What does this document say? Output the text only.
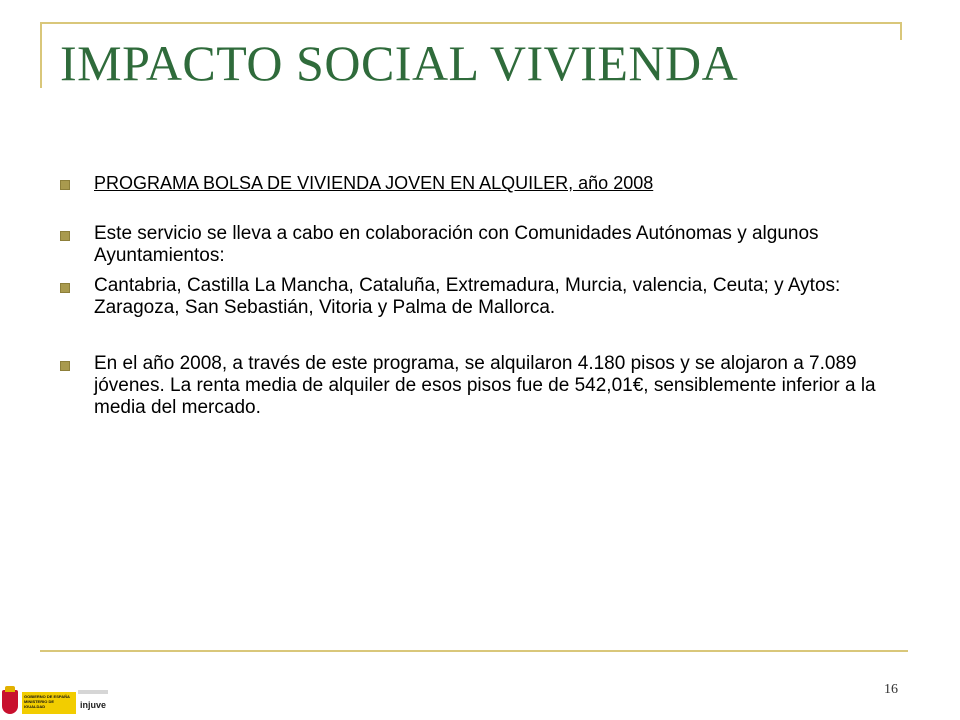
IMPACTO SOCIAL VIVIENDA
PROGRAMA BOLSA DE VIVIENDA JOVEN EN ALQUILER, año 2008
Este servicio se lleva a cabo en colaboración con Comunidades Autónomas y algunos Ayuntamientos:
Cantabria, Castilla La Mancha, Cataluña, Extremadura, Murcia, valencia, Ceuta; y Aytos: Zaragoza, San Sebastián, Vitoria y Palma de Mallorca.
En el año 2008, a través de este programa, se alquilaron 4.180 pisos y se alojaron a 7.089 jóvenes. La renta media de alquiler de esos pisos fue de 542,01€, sensiblemente inferior a la media del mercado.
16
GOBIERNO DE ESPAÑA MINISTERIO DE IGUALDAD	injuve
